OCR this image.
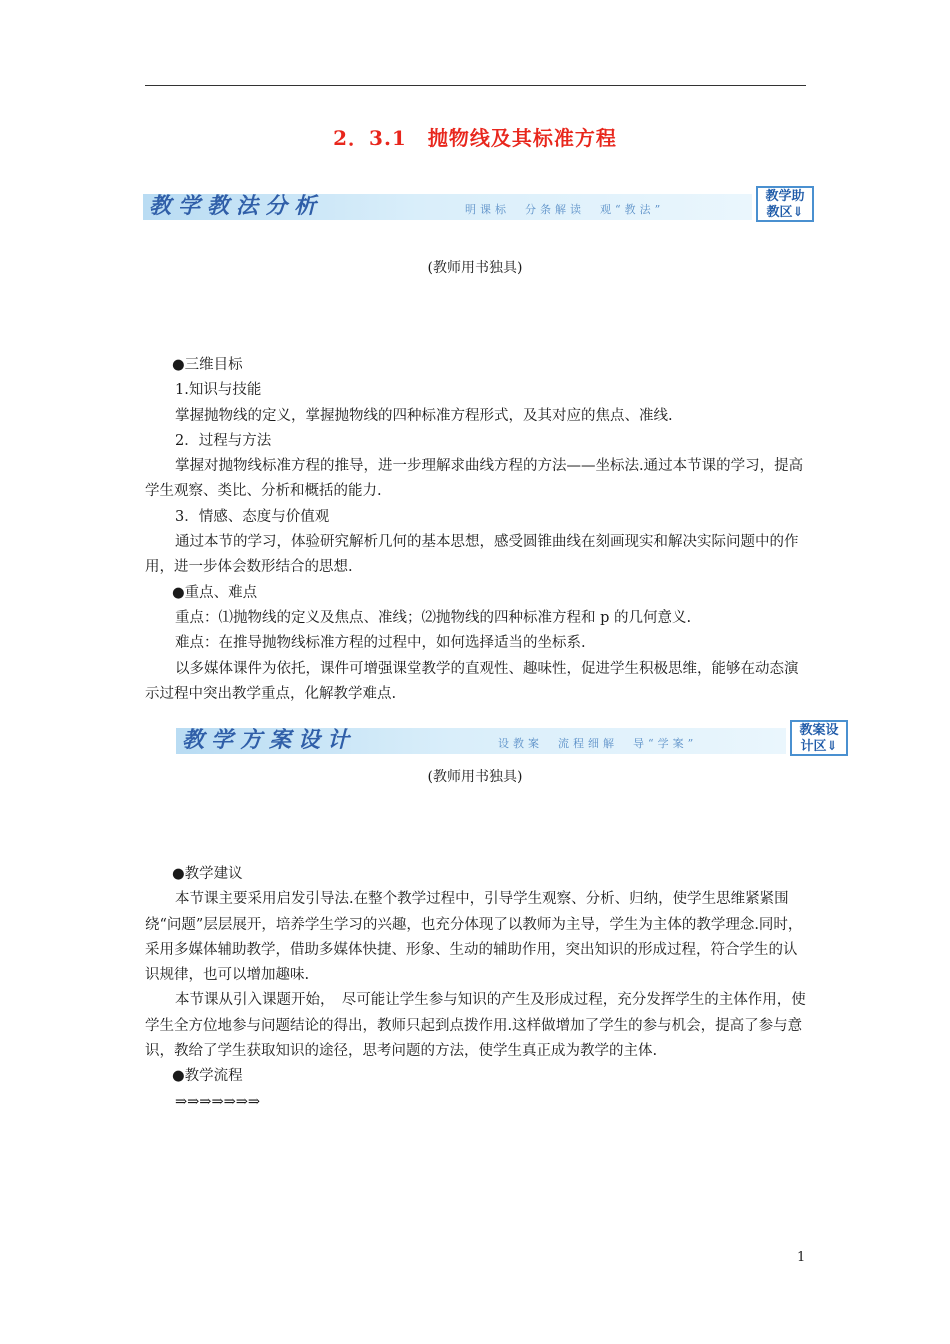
2．3.1　抛物线及其标准方程
教学教法分析	明课标　分条解读　观“教法”
教学助
教区⇓
(教师用书独具)

●三维目标

1.知识与技能

掌握抛物线的定义，掌握抛物线的四种标准方程形式，及其对应的焦点、准线.

2．过程与方法

掌握对抛物线标准方程的推导，进一步理解求曲线方程的方法——坐标法.通过本节课的学习，提高学生观察、类比、分析和概括的能力.

3．情感、态度与价值观

通过本节的学习，体验研究解析几何的基本思想，感受圆锥曲线在刻画现实和解决实际问题中的作用，进一步体会数形结合的思想.

●重点、难点

重点：⑴抛物线的定义及焦点、准线；⑵抛物线的四种标准方程和 p 的几何意义.

难点：在推导抛物线标准方程的过程中，如何选择适当的坐标系.

以多媒体课件为依托，课件可增强课堂教学的直观性、趣味性，促进学生积极思维，能够在动态演示过程中突出教学重点，化解教学难点.

教学方案设计	设教案　流程细解　导“学案”
教案设
计区⇓
(教师用书独具)

●教学建议

本节课主要采用启发引导法.在整个教学过程中，引导学生观察、分析、归纳，使学生思维紧紧围绕“问题”层层展开，培养学生学习的兴趣，也充分体现了以教师为主导，学生为主体的教学理念.同时，采用多媒体辅助教学，借助多媒体快捷、形象、生动的辅助作用，突出知识的形成过程，符合学生的认识规律，也可以增加趣味.

本节课从引入课题开始，　尽可能让学生参与知识的产生及形成过程，充分发挥学生的主体作用，使学生全方位地参与问题结论的得出，教师只起到点拨作用.这样做增加了学生的参与机会，提高了参与意识，教给了学生获取知识的途径，思考问题的方法，使学生真正成为教学的主体.

●教学流程

⇒⇒⇒⇒⇒⇒⇒

1
